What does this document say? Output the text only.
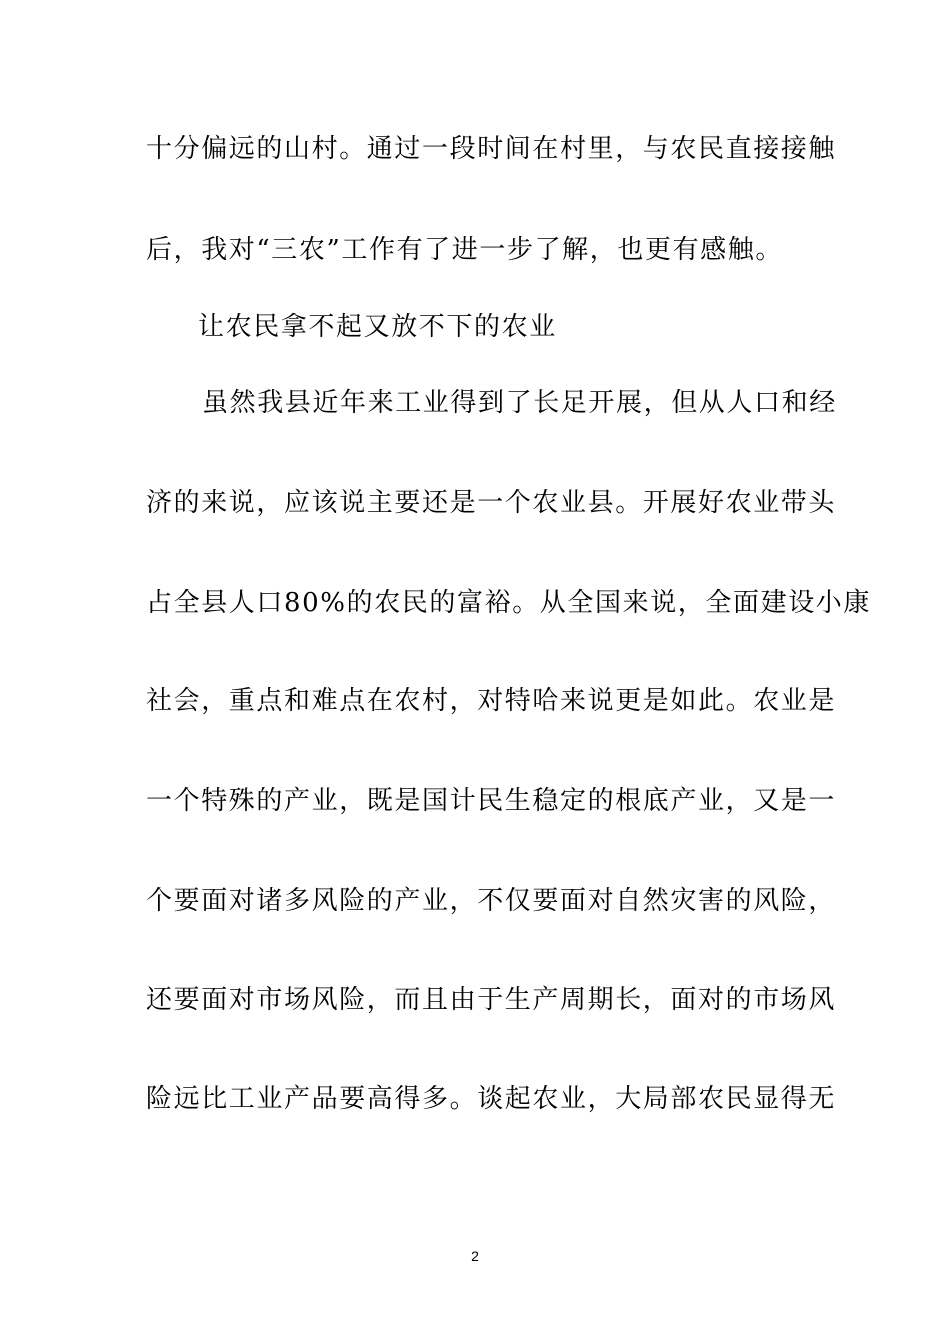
十分偏远的山村。通过一段时间在村里，与农民直接接触
后，我对“三农”工作有了进一步了解，也更有感触。
让农民拿不起又放不下的农业
虽然我县近年来工业得到了长足开展，但从人口和经
济的来说，应该说主要还是一个农业县。开展好农业带头
占全县人口80%的农民的富裕。从全国来说，全面建设小康
社会，重点和难点在农村，对特哈来说更是如此。农业是
一个特殊的产业，既是国计民生稳定的根底产业，又是一
个要面对诸多风险的产业，不仅要面对自然灾害的风险，
还要面对市场风险，而且由于生产周期长，面对的市场风
险远比工业产品要高得多。谈起农业，大局部农民显得无
2
